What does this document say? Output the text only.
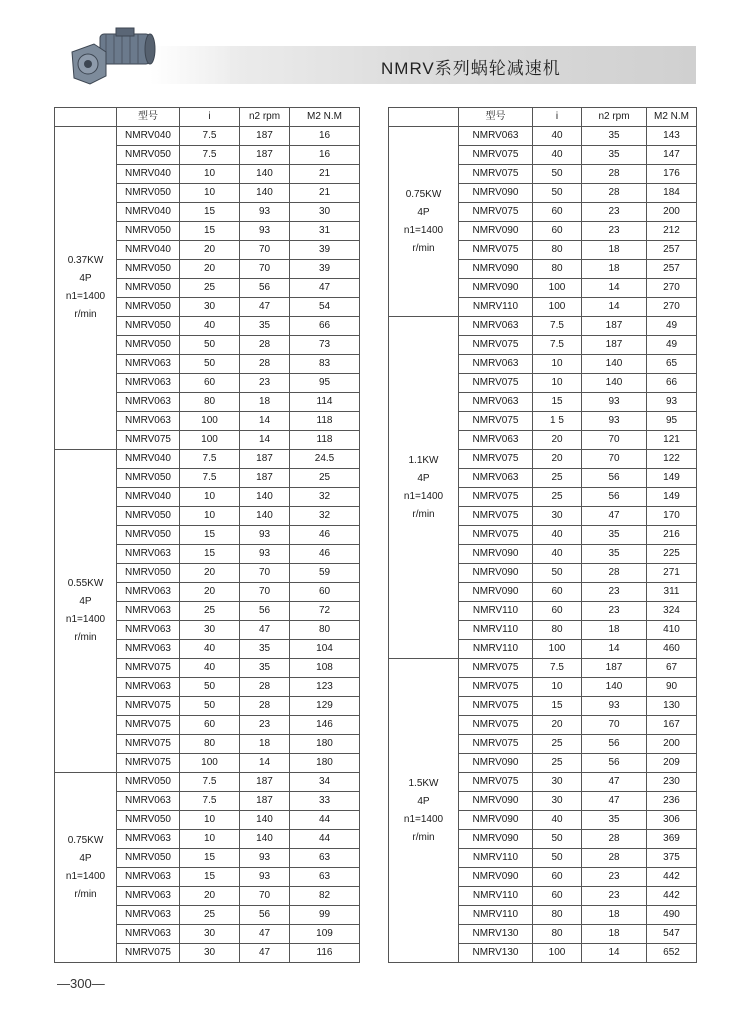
NMRV系列蜗轮减速机
	型号	i	n2 rpm	M2 N.M

0.37KW
4P
n1=1400
r/min	NMRV040	7.5	187	16
	NMRV050	7.5	187	16
	NMRV040	10	140	21
	NMRV050	10	140	21
	NMRV040	15	93	30
	NMRV050	15	93	31
	NMRV040	20	70	39
	NMRV050	20	70	39
	NMRV050	25	56	47
	NMRV050	30	47	54
	NMRV050	40	35	66
	NMRV050	50	28	73
	NMRV063	50	28	83
	NMRV063	60	23	95
	NMRV063	80	18	114
	NMRV063	100	14	118
	NMRV075	100	14	118

0.55KW
4P
n1=1400
r/min	NMRV040	7.5	187	24.5
	NMRV050	7.5	187	25
	NMRV040	10	140	32
	NMRV050	10	140	32
	NMRV050	15	93	46
	NMRV063	15	93	46
	NMRV050	20	70	59
	NMRV063	20	70	60
	NMRV063	25	56	72
	NMRV063	30	47	80
	NMRV063	40	35	104
	NMRV075	40	35	108
	NMRV063	50	28	123
	NMRV075	50	28	129
	NMRV075	60	23	146
	NMRV075	80	18	180
	NMRV075	100	14	180

0.75KW
4P
n1=1400
r/min	NMRV050	7.5	187	34
	NMRV063	7.5	187	33
	NMRV050	10	140	44
	NMRV063	10	140	44
	NMRV050	15	93	63
	NMRV063	15	93	63
	NMRV063	20	70	82
	NMRV063	25	56	99
	NMRV063	30	47	109
	NMRV075	30	47	116
	型号	i	n2 rpm	M2 N.M

0.75KW
4P
n1=1400
r/min	NMRV063	40	35	143
	NMRV075	40	35	147
	NMRV075	50	28	176
	NMRV090	50	28	184
	NMRV075	60	23	200
	NMRV090	60	23	212
	NMRV075	80	18	257
	NMRV090	80	18	257
	NMRV090	100	14	270
	NMRV110	100	14	270

1.1KW
4P
n1=1400
r/min	NMRV063	7.5	187	49
	NMRV075	7.5	187	49
	NMRV063	10	140	65
	NMRV075	10	140	66
	NMRV063	15	93	93
	NMRV075	1 5	93	95
	NMRV063	20	70	121
	NMRV075	20	70	122
	NMRV063	25	56	149
	NMRV075	25	56	149
	NMRV075	30	47	170
	NMRV075	40	35	216
	NMRV090	40	35	225
	NMRV090	50	28	271
	NMRV090	60	23	311
	NMRV110	60	23	324
	NMRV110	80	18	410
	NMRV110	100	14	460

1.5KW
4P
n1=1400
r/min	NMRV075	7.5	187	67
	NMRV075	10	140	90
	NMRV075	15	93	130
	NMRV075	20	70	167
	NMRV075	25	56	200
	NMRV090	25	56	209
	NMRV075	30	47	230
	NMRV090	30	47	236
	NMRV090	40	35	306
	NMRV090	50	28	369
	NMRV110	50	28	375
	NMRV090	60	23	442
	NMRV110	60	23	442
	NMRV110	80	18	490
	NMRV130	80	18	547
	NMRV130	100	14	652
—300—
